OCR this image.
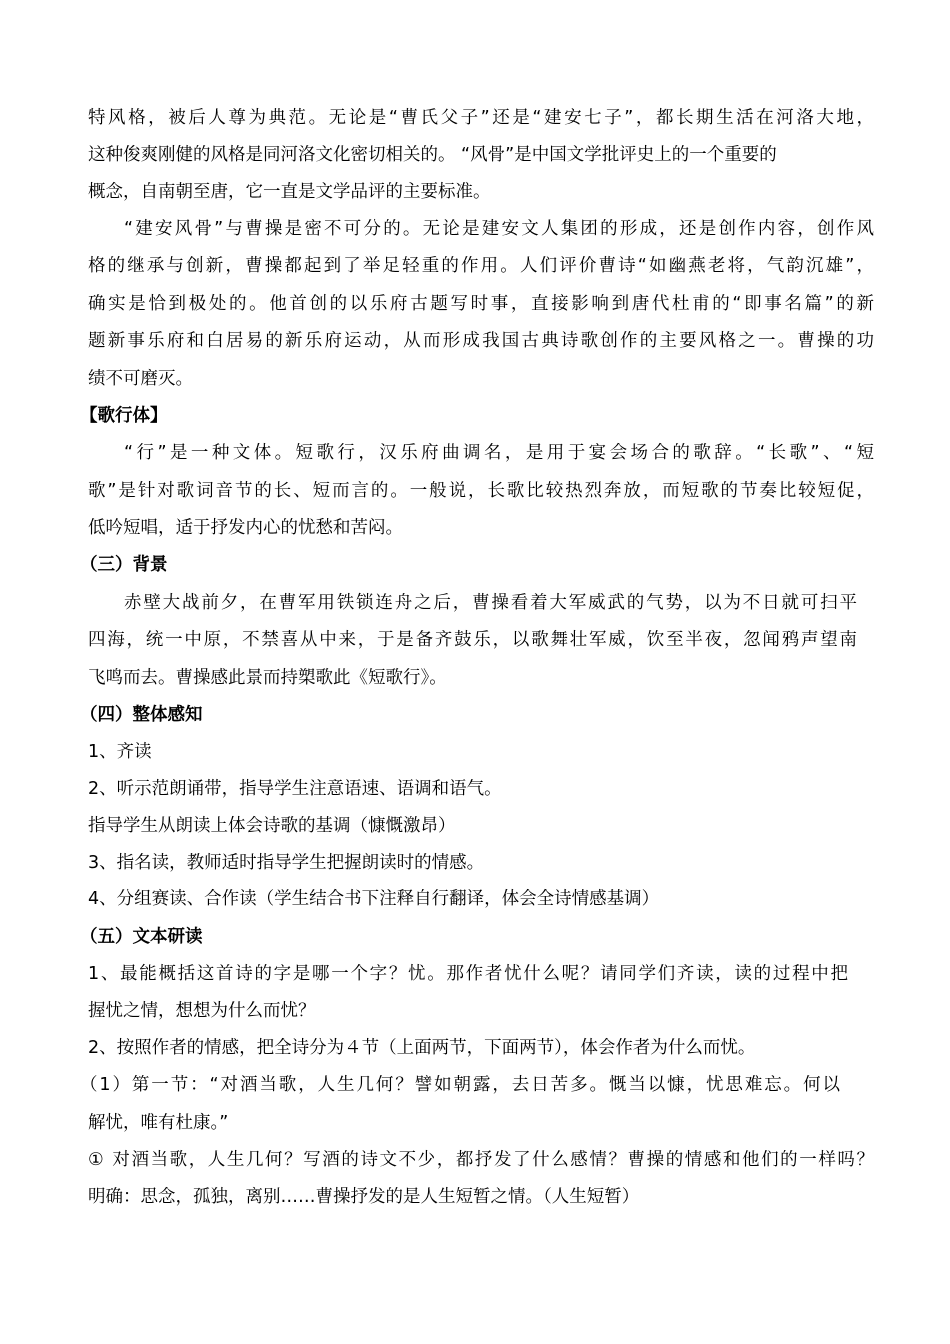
特风格，被后人尊为典范。无论是“曹氏父子”还是“建安七子”，都长期生活在河洛大地，
这种俊爽刚健的风格是同河洛文化密切相关的。 “风骨”是中国文学批评史上的一个重要的
概念，自南朝至唐，它一直是文学品评的主要标准。
“建安风骨”与曹操是密不可分的。无论是建安文人集团的形成，还是创作内容，创作风
格的继承与创新，曹操都起到了举足轻重的作用。人们评价曹诗“如幽燕老将，气韵沉雄”，
确实是恰到极处的。他首创的以乐府古题写时事，直接影响到唐代杜甫的“即事名篇”的新
题新事乐府和白居易的新乐府运动，从而形成我国古典诗歌创作的主要风格之一。曹操的功
绩不可磨灭。
【歌行体】
“行”是一种文体。短歌行，汉乐府曲调名，是用于宴会场合的歌辞。“长歌”、“短
歌”是针对歌词音节的长、短而言的。一般说，长歌比较热烈奔放，而短歌的节奏比较短促，
低吟短唱，适于抒发内心的忧愁和苦闷。
（三）背景
赤壁大战前夕，在曹军用铁锁连舟之后，曹操看着大军威武的气势，以为不日就可扫平
四海，统一中原，不禁喜从中来，于是备齐鼓乐，以歌舞壮军威，饮至半夜，忽闻鸦声望南
飞鸣而去。曹操感此景而持槊歌此《短歌行》。
（四）整体感知
1、齐读
2、听示范朗诵带，指导学生注意语速、语调和语气。
指导学生从朗读上体会诗歌的基调（慷慨激昂）
3、指名读，教师适时指导学生把握朗读时的情感。
4、分组赛读、合作读（学生结合书下注释自行翻译，体会全诗情感基调）
（五）文本研读
1、最能概括这首诗的字是哪一个字？忧。那作者忧什么呢？请同学们齐读，读的过程中把
握忧之情，想想为什么而忧？
2、按照作者的情感，把全诗分为４节（上面两节，下面两节），体会作者为什么而忧。
（1）第一节：“对酒当歌，人生几何？譬如朝露，去日苦多。慨当以慷，忧思难忘。何以
解忧，唯有杜康。”
① 对酒当歌，人生几何？写酒的诗文不少，都抒发了什么感情？曹操的情感和他们的一样吗？
明确：思念，孤独，离别……曹操抒发的是人生短暂之情。（人生短暂）
